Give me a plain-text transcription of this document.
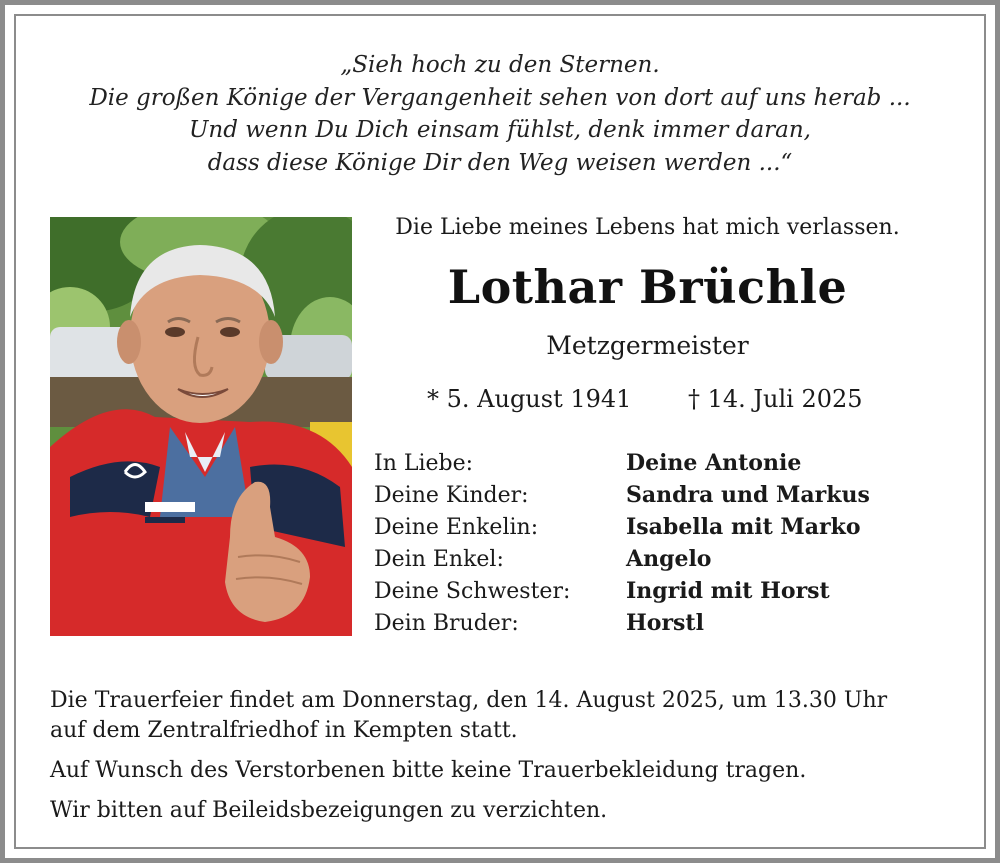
„Sieh hoch zu den Sternen.
Die großen Könige der Vergangenheit sehen von dort auf uns herab ...
Und wenn Du Dich einsam fühlst, denk immer daran,
dass diese Könige Dir den Weg weisen werden ...“
Die Liebe meines Lebens hat mich verlassen.
Lothar Brüchle
Metzgermeister
* 5. August 1941 † 14. Juli 2025
In Liebe:	Deine Antonie
Deine Kinder:	Sandra und Markus
Deine Enkelin:	Isabella mit Marko
Dein Enkel:	Angelo
Deine Schwester:	Ingrid mit Horst
Dein Bruder:	Horstl

Die Trauerfeier findet am Donnerstag, den 14. August 2025, um 13.30 Uhr

auf dem Zentralfriedhof in Kempten statt.

Auf Wunsch des Verstorbenen bitte keine Trauerbekleidung tragen.

Wir bitten auf Beileidsbezeigungen zu verzichten.
